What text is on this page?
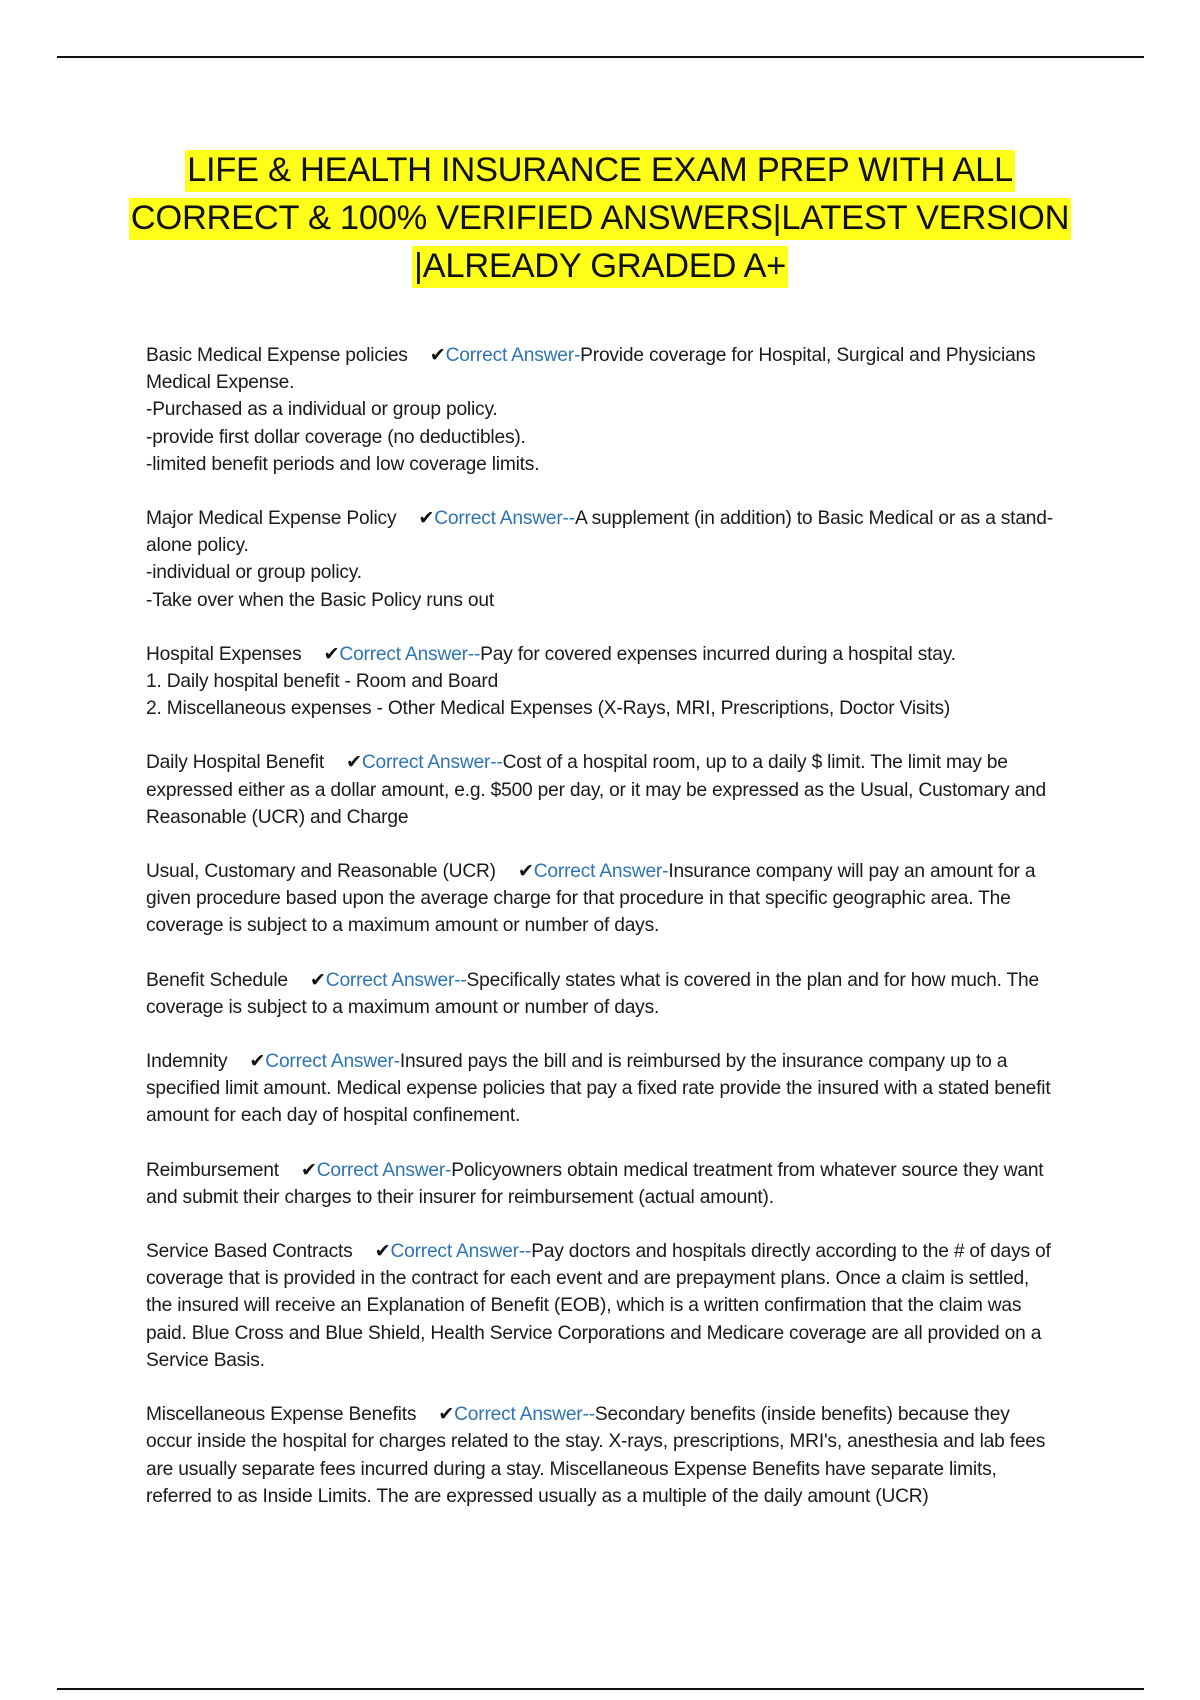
LIFE & HEALTH INSURANCE EXAM PREP WITH ALL
CORRECT & 100% VERIFIED ANSWERS|LATEST VERSION
|ALREADY GRADED A+
Basic Medical Expense policies ✔Correct Answer-Provide coverage for Hospital, Surgical and Physicians Medical Expense.
-Purchased as a individual or group policy.
-provide first dollar coverage (no deductibles).
-limited benefit periods and low coverage limits.
Major Medical Expense Policy ✔Correct Answer--A supplement (in addition) to Basic Medical or as a stand-alone policy.
-individual or group policy.
-Take over when the Basic Policy runs out
Hospital Expenses ✔Correct Answer--Pay for covered expenses incurred during a hospital stay.
1. Daily hospital benefit - Room and Board
2. Miscellaneous expenses - Other Medical Expenses (X-Rays, MRI, Prescriptions, Doctor Visits)
Daily Hospital Benefit ✔Correct Answer--Cost of a hospital room, up to a daily $ limit. The limit may be expressed either as a dollar amount, e.g. $500 per day, or it may be expressed as the Usual, Customary and Reasonable (UCR) and Charge
Usual, Customary and Reasonable (UCR) ✔Correct Answer-Insurance company will pay an amount for a given procedure based upon the average charge for that procedure in that specific geographic area. The coverage is subject to a maximum amount or number of days.
Benefit Schedule ✔Correct Answer--Specifically states what is covered in the plan and for how much. The coverage is subject to a maximum amount or number of days.
Indemnity ✔Correct Answer-Insured pays the bill and is reimbursed by the insurance company up to a specified limit amount. Medical expense policies that pay a fixed rate provide the insured with a stated benefit amount for each day of hospital confinement.
Reimbursement ✔Correct Answer-Policyowners obtain medical treatment from whatever source they want and submit their charges to their insurer for reimbursement (actual amount).
Service Based Contracts ✔Correct Answer--Pay doctors and hospitals directly according to the # of days of coverage that is provided in the contract for each event and are prepayment plans. Once a claim is settled, the insured will receive an Explanation of Benefit (EOB), which is a written confirmation that the claim was paid. Blue Cross and Blue Shield, Health Service Corporations and Medicare coverage are all provided on a Service Basis.
Miscellaneous Expense Benefits ✔Correct Answer--Secondary benefits (inside benefits) because they occur inside the hospital for charges related to the stay. X-rays, prescriptions, MRI's, anesthesia and lab fees are usually separate fees incurred during a stay. Miscellaneous Expense Benefits have separate limits, referred to as Inside Limits. The are expressed usually as a multiple of the daily amount (UCR)
